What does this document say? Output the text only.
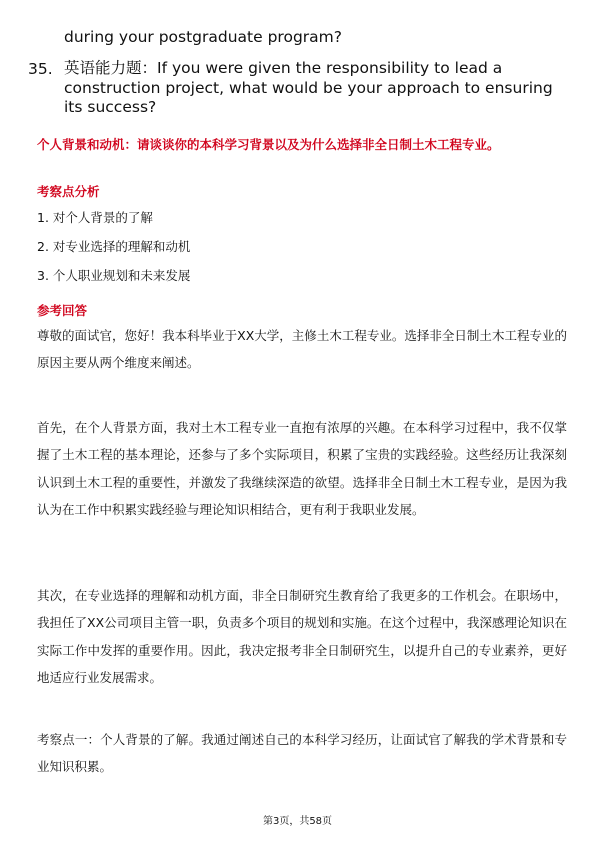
during your postgraduate program?
35. 英语能力题：If you were given the responsibility to lead a construction project, what would be your approach to ensuring its success?
个人背景和动机：请谈谈你的本科学习背景以及为什么选择非全日制土木工程专业。
考察点分析
1. 对个人背景的了解
2. 对专业选择的理解和动机
3. 个人职业规划和未来发展
参考回答
尊敬的面试官，您好！我本科毕业于XX大学，主修土木工程专业。选择非全日制土木工程专业的原因主要从两个维度来阐述。
首先，在个人背景方面，我对土木工程专业一直抱有浓厚的兴趣。在本科学习过程中，我不仅掌握了土木工程的基本理论，还参与了多个实际项目，积累了宝贵的实践经验。这些经历让我深刻认识到土木工程的重要性，并激发了我继续深造的欲望。选择非全日制土木工程专业，是因为我认为在工作中积累实践经验与理论知识相结合，更有利于我职业发展。
其次，在专业选择的理解和动机方面，非全日制研究生教育给了我更多的工作机会。在职场中，我担任了XX公司项目主管一职，负责多个项目的规划和实施。在这个过程中，我深感理论知识在实际工作中发挥的重要作用。因此，我决定报考非全日制研究生，以提升自己的专业素养，更好地适应行业发展需求。
考察点一：个人背景的了解。我通过阐述自己的本科学习经历，让面试官了解我的学术背景和专业知识积累。
第3页，共58页
